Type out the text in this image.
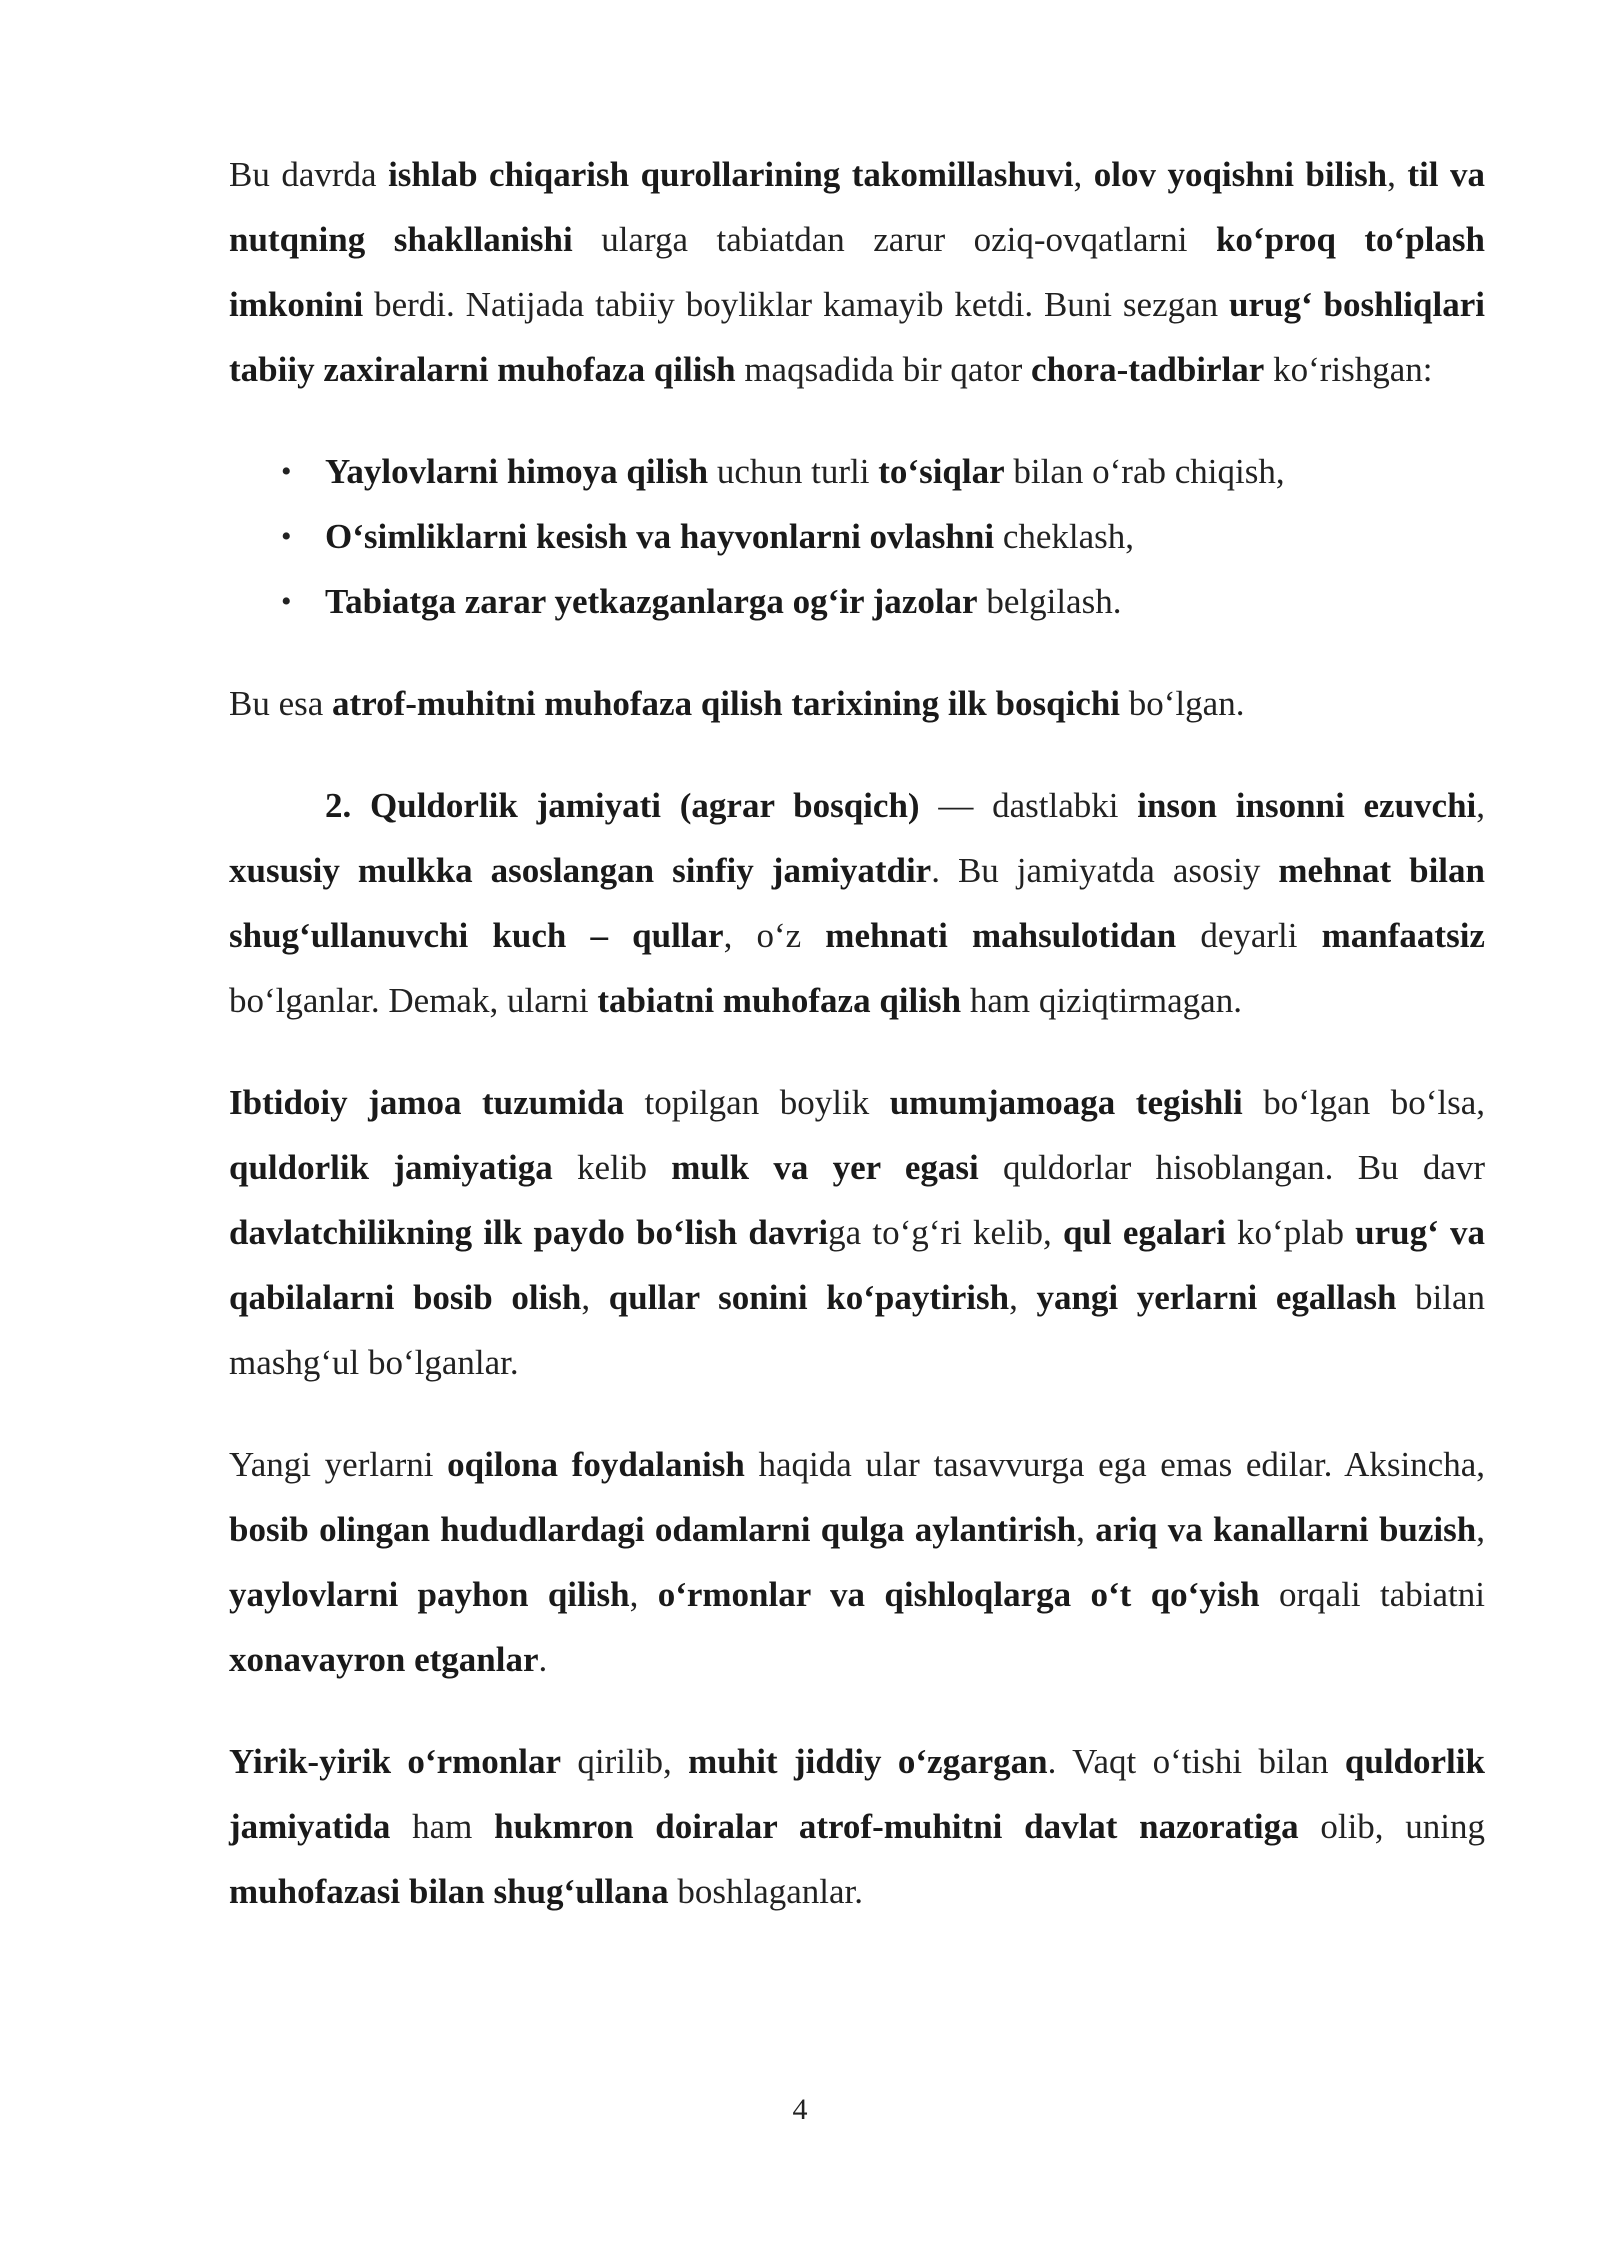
Bu davrda ishlab chiqarish qurollarining takomillashuvi, olov yoqishni bilish, til va nutqning shakllanishi ularga tabiatdan zarur oziq-ovqatlarni ko‘proq to‘plash imkonini berdi. Natijada tabiiy boyliklar kamayib ketdi. Buni sezgan urug‘ boshliqlari tabiiy zaxiralarni muhofaza qilish maqsadida bir qator chora-tadbirlar ko‘rishgan:

• Yaylovlarni himoya qilish uchun turli to‘siqlar bilan o‘rab chiqish,
• O‘simliklarni kesish va hayvonlarni ovlashni cheklash,
• Tabiatga zarar yetkazganlarga og‘ir jazolar belgilash.

Bu esa atrof-muhitni muhofaza qilish tarixining ilk bosqichi bo‘lgan.

2. Quldorlik jamiyati (agrar bosqich) — dastlabki inson insonni ezuvchi, xususiy mulkka asoslangan sinfiy jamiyatdir. Bu jamiyatda asosiy mehnat bilan shug‘ullanuvchi kuch – qullar, o‘z mehnati mahsulotidan deyarli manfaatsiz bo‘lganlar. Demak, ularni tabiatni muhofaza qilish ham qiziqtirmagan.

Ibtidoiy jamoa tuzumida topilgan boylik umumjamoaga tegishli bo‘lgan bo‘lsa, quldorlik jamiyatiga kelib mulk va yer egasi quldorlar hisoblangan. Bu davr davlatchilikning ilk paydo bo‘lish davriga to‘g‘ri kelib, qul egalari ko‘plab urug‘ va qabilalarni bosib olish, qullar sonini ko‘paytirish, yangi yerlarni egallash bilan mashg‘ul bo‘lganlar.

Yangi yerlarni oqilona foydalanish haqida ular tasavvurga ega emas edilar. Aksincha, bosib olingan hududlardagi odamlarni qulga aylantirish, ariq va kanallarni buzish, yaylovlarni payhon qilish, o‘rmonlar va qishloqlarga o‘t qo‘yish orqali tabiatni xonavayron etganlar.

Yirik-yirik o‘rmonlar qirilib, muhit jiddiy o‘zgargan. Vaqt o‘tishi bilan quldorlik jamiyatida ham hukmron doiralar atrof-muhitni davlat nazoratiga olib, uning muhofazasi bilan shug‘ullana boshlaganlar.

4
